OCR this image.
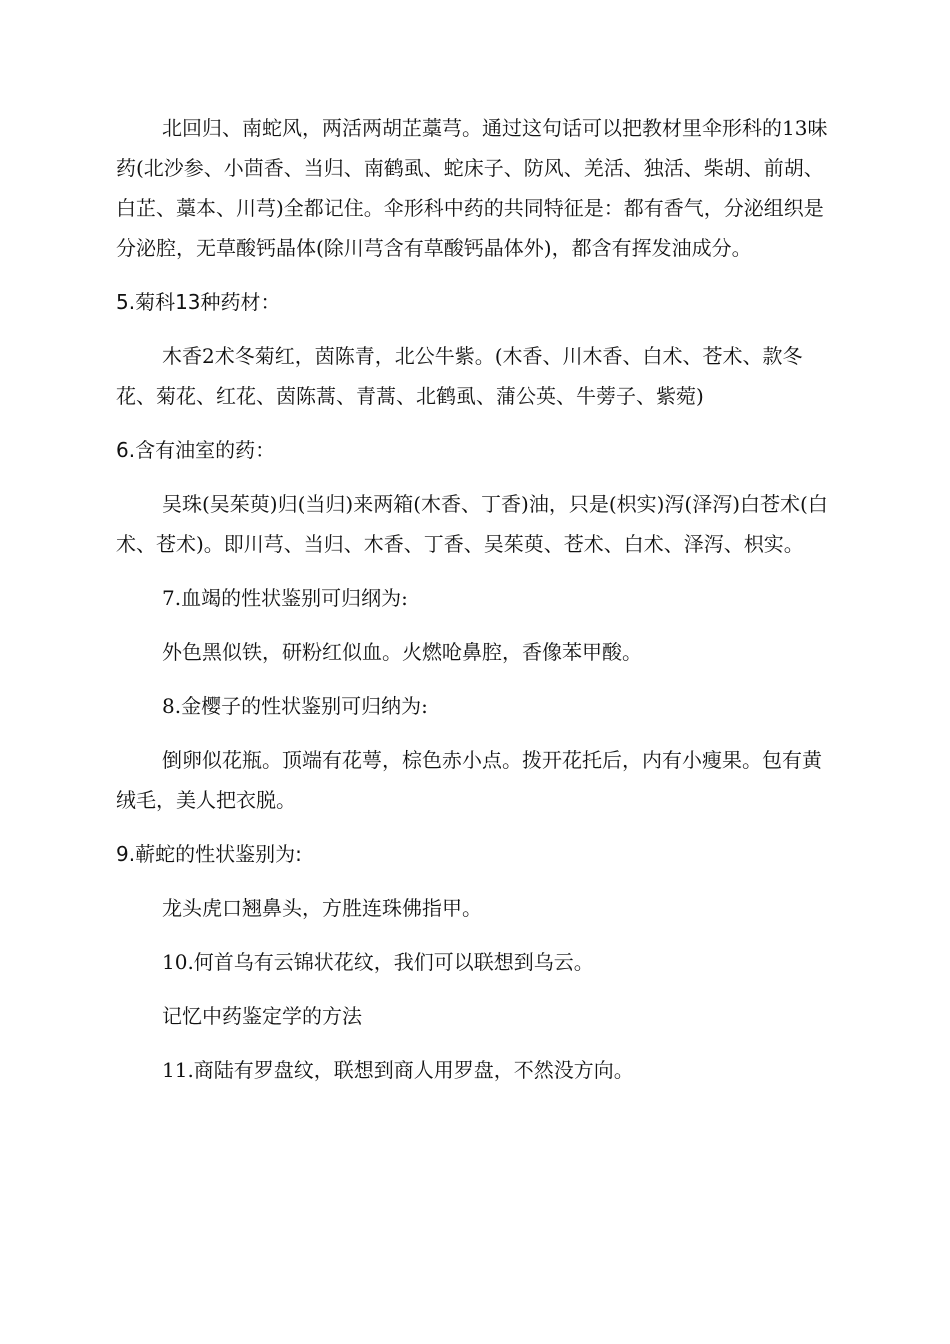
北回归、南蛇风，两活两胡芷藁芎。通过这句话可以把教材里伞形科的13味药(北沙参、小茴香、当归、南鹤虱、蛇床子、防风、羌活、独活、柴胡、前胡、白芷、藁本、川芎)全都记住。伞形科中药的共同特征是：都有香气，分泌组织是分泌腔，无草酸钙晶体(除川芎含有草酸钙晶体外)，都含有挥发油成分。

5.菊科13种药材：

木香2术冬菊红，茵陈青，北公牛紫。(木香、川木香、白术、苍术、款冬花、菊花、红花、茵陈蒿、青蒿、北鹤虱、蒲公英、牛蒡子、紫菀)

6.含有油室的药：

吴珠(吴茱萸)归(当归)来两箱(木香、丁香)油，只是(枳实)泻(泽泻)白苍术(白术、苍术)。即川芎、当归、木香、丁香、吴茱萸、苍术、白术、泽泻、枳实。

7.血竭的性状鉴别可归纲为:

外色黑似铁，研粉红似血。火燃呛鼻腔，香像苯甲酸。

8.金樱子的性状鉴别可归纳为:

倒卵似花瓶。顶端有花萼，棕色赤小点。拨开花托后，内有小瘦果。包有黄绒毛，美人把衣脱。

9.蕲蛇的性状鉴别为:

龙头虎口翘鼻头，方胜连珠佛指甲。

10.何首乌有云锦状花纹，我们可以联想到乌云。

记忆中药鉴定学的方法

11.商陆有罗盘纹，联想到商人用罗盘，不然没方向。
